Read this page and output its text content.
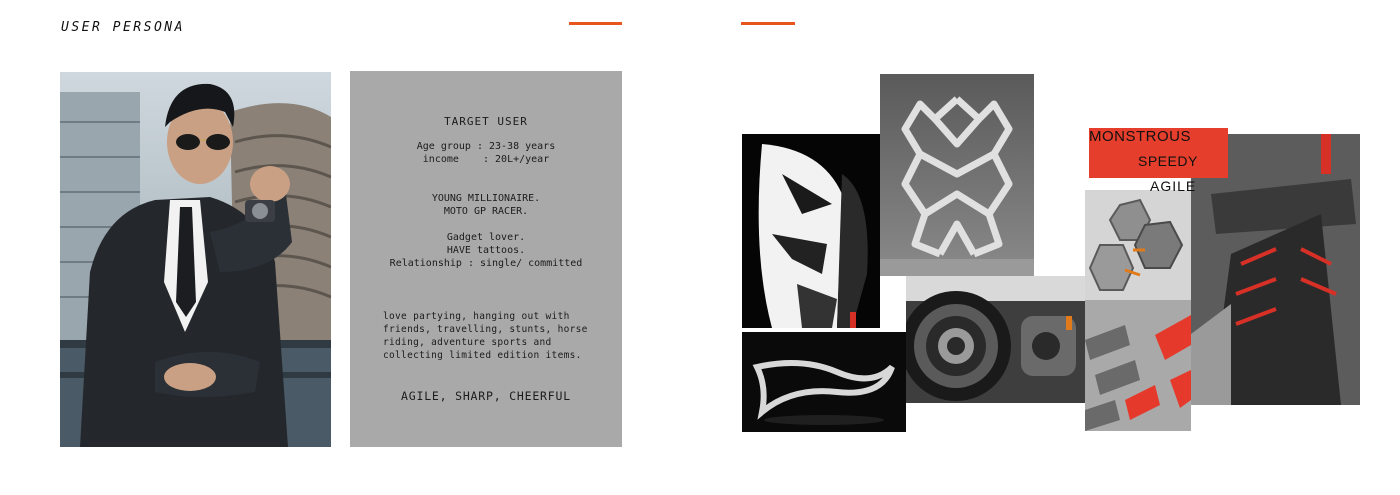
USER PERSONA
TARGET USER
Age group : 23-38 years
income    : 20L+/year
YOUNG MILLIONAIRE.
MOTO GP RACER.
Gadget lover.
HAVE tattoos.
Relationship : single/ committed
love partying, hanging out with friends, travelling, stunts, horse riding, adventure sports and collecting limited edition items.
AGILE, SHARP, CHEERFUL
MONSTROUS
SPEEDY
AGILE
